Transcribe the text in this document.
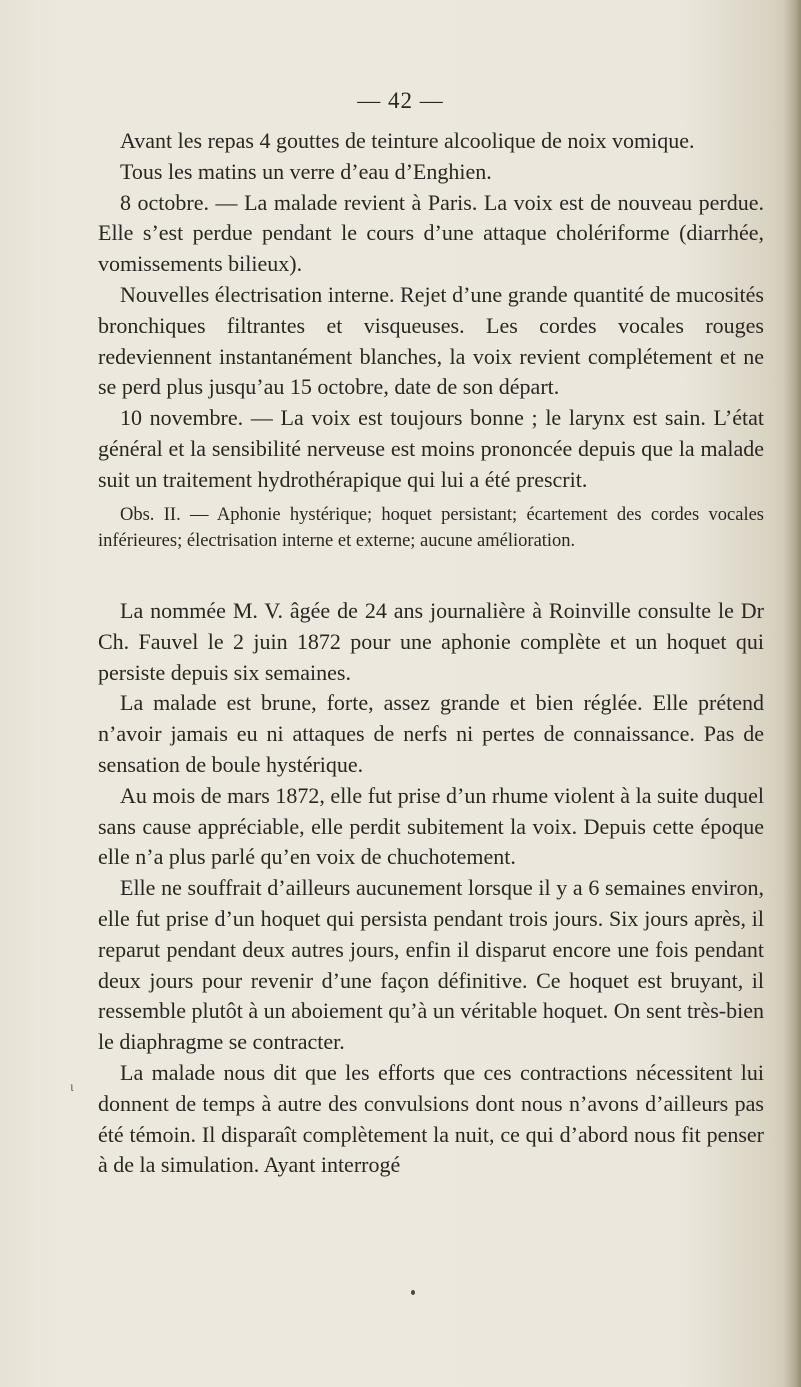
— 42 —

Avant les repas 4 gouttes de teinture alcoolique de noix vomique.

Tous les matins un verre d’eau d’Enghien.

8 octobre. — La malade revient à Paris. La voix est de nouveau perdue. Elle s’est perdue pendant le cours d’une attaque cholériforme (diarrhée, vomissements bilieux).

Nouvelles électrisation interne. Rejet d’une grande quantité de mucosités bronchiques filtrantes et visqueuses. Les cordes vocales rouges redeviennent instantanément blanches, la voix revient complétement et ne se perd plus jusqu’au 15 octobre, date de son départ.

10 novembre. — La voix est toujours bonne ; le larynx est sain. L’état général et la sensibilité nerveuse est moins prononcée depuis que la malade suit un traitement hydrothérapique qui lui a été prescrit.

Obs. II. — Aphonie hystérique; hoquet persistant; écartement des cordes vocales inférieures; électrisation interne et externe; aucune amélioration.

La nommée M. V. âgée de 24 ans journalière à Roinville consulte le Dr Ch. Fauvel le 2 juin 1872 pour une aphonie complète et un hoquet qui persiste depuis six semaines.

La malade est brune, forte, assez grande et bien réglée. Elle prétend n’avoir jamais eu ni attaques de nerfs ni pertes de connaissance. Pas de sensation de boule hystérique.

Au mois de mars 1872, elle fut prise d’un rhume violent à la suite duquel sans cause appréciable, elle perdit subitement la voix. Depuis cette époque elle n’a plus parlé qu’en voix de chuchotement.

Elle ne souffrait d’ailleurs aucunement lorsque il y a 6 semaines environ, elle fut prise d’un hoquet qui persista pendant trois jours. Six jours après, il reparut pendant deux autres jours, enfin il disparut encore une fois pendant deux jours pour revenir d’une façon définitive. Ce hoquet est bruyant, il ressemble plutôt à un aboiement qu’à un véritable hoquet. On sent très-bien le diaphragme se contracter.

La malade nous dit que les efforts que ces contractions nécessitent lui donnent de temps à autre des convulsions dont nous n’avons d’ailleurs pas été témoin. Il disparaît complètement la nuit, ce qui d’abord nous fit penser à de la simulation. Ayant interrogé

ι
